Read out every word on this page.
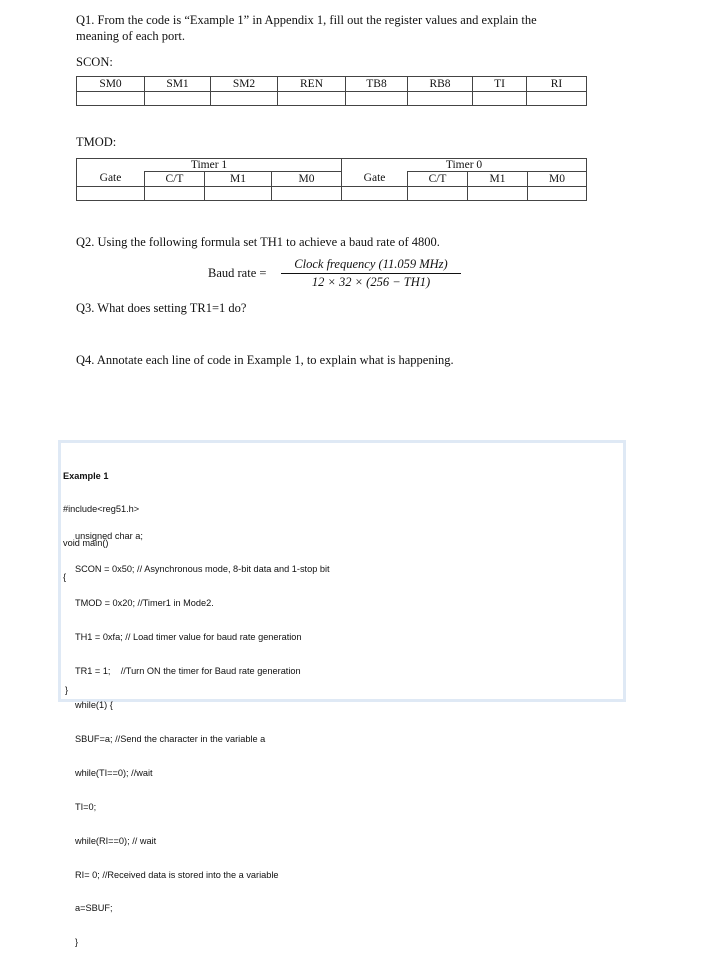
Q1. From the code is “Example 1” in Appendix 1, fill out the register values and explain the
meaning of each port.
SCON:
SM0	SM1	SM2	REN	TB8	RB8	TI	RI

TMOD:
Timer 1				Timer 0			
Gate	C/T	M1	M0	Gate	C/T	M1	M0

Q2. Using the following formula set TH1 to achieve a baud rate of 4800.
Baud rate =
Clock frequency (11.059 MHz)
12 × 32 × (256 − TH1)
Q3. What does setting TR1=1 do?
Q4. Annotate each line of code in Example 1, to explain what is happening.

Example 1

#include<reg51.h>

void main()

{

unsigned char a;

SCON = 0x50; // Asynchronous mode, 8-bit data and 1-stop bit

TMOD = 0x20; //Timer1 in Mode2.

TH1 = 0xfa; // Load timer value for baud rate generation

TR1 = 1;    //Turn ON the timer for Baud rate generation

while(1) {

SBUF=a; //Send the character in the variable a

while(TI==0); //wait

TI=0;

while(RI==0); // wait

RI= 0; //Received data is stored into the a variable

a=SBUF;

}

}
